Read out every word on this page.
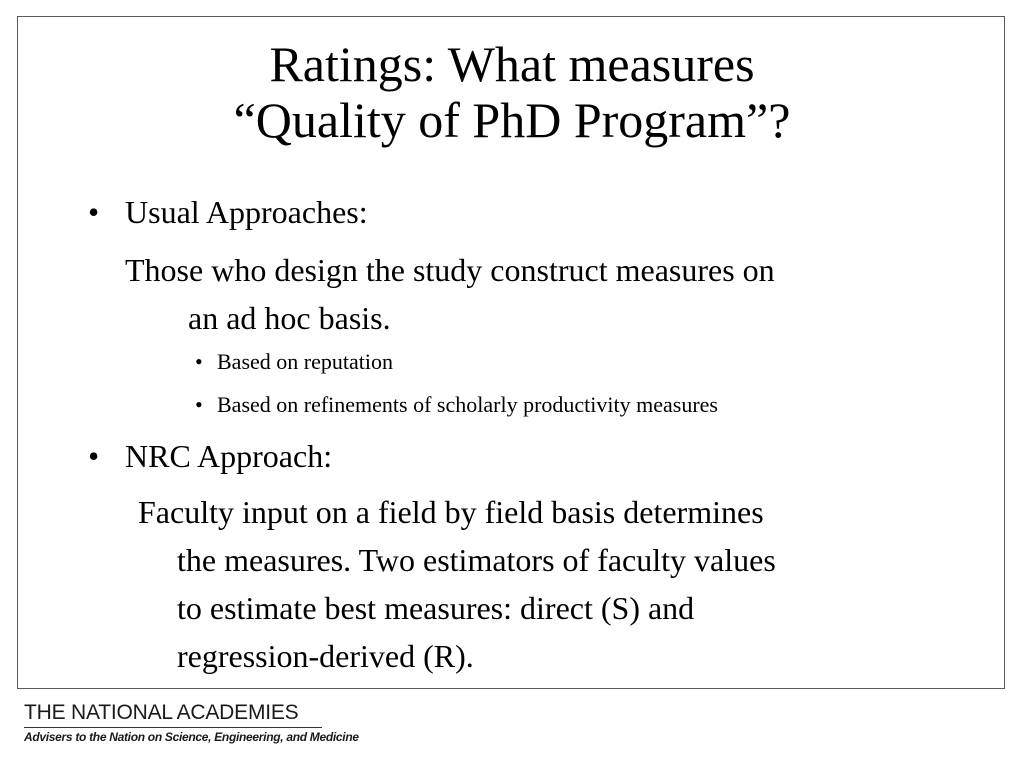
Ratings: What measures
“Quality of PhD Program”?
• Usual Approaches:
Those who design the study construct measures on
an ad hoc basis.
• Based on reputation
• Based on refinements of scholarly productivity measures
• NRC Approach:
Faculty input on a field by field basis determines
the measures. Two estimators of faculty values
to estimate best measures: direct (S) and
regression-derived (R).
THE NATIONAL ACADEMIES
Advisers to the Nation on Science, Engineering, and Medicine
